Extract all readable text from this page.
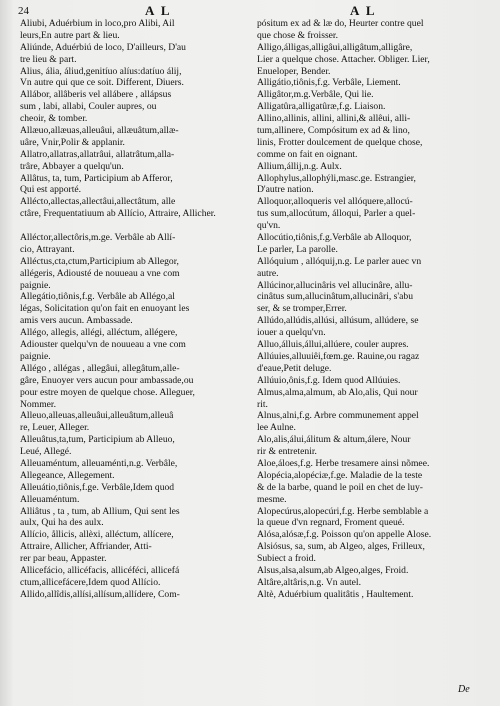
24	A L	A L
Aliubi, Aduérbium in loco,pro Alibi, Ail
leurs,En autre part & lieu.
Aliúnde, Aduérbiú de loco, D'ailleurs, D'au
tre lieu & part.
Alius, ália, áliud,genitíuo alíus:datíuo álij,
Vn autre qui que ce soit. Different, Diuers.
Allábor, allâberis vel allábere , allápsus
sum , labi, allabi, Couler aupres, ou
cheoir, & tomber.
Allæuo,allæuas,alleuâui, allæuâtum,allæ-
uâre, Vnir,Polir & applanir.
Allatro,allatras,allatrâui, allatrâtum,alla-
trâre, Abbayer a quelqu'un.
Allâtus, ta, tum, Participium ab Afferor,
Qui est apporté.
Allécto,allectas,allectâui,allectâtum, alle
ctâre, Frequentatiuum ab Allício, Attraire, Allicher.
Alléctor,allectôris,m.ge. Verbâle ab Allí-
cio, Attrayant.
Alléctus,cta,ctum,Participium ab Allegor,
allégeris, Adiousté de nouueau a vne com
paignie.
Allegátio,tiônis,f.g. Verbâle ab Allégo,al
légas, Solicitation qu'on fait en enuoyant les
amis vers aucun. Ambassade.
Allégo, allegis, allégi, alléctum, allégere,
Adiouster quelqu'vn de nouueau a vne com
paignie.
Allégo , allégas , allegâui, allegâtum,alle-
gâre, Enuoyer vers aucun pour ambassade,ou
pour estre moyen de quelque chose. Alleguer,
Nommer.
Alleuo,alleuas,alleuâui,alleuâtum,alleuâ
re, Leuer, Alleger.
Alleuâtus,ta,tum, Participium ab Alleuo,
Leué, Allegé.
Alleuaméntum, alleuaménti,n.g. Verbâle,
Allegeance, Allegement.
Alleuátio,tiônis,f.ge. Verbâle,Idem quod
Alleuaméntum.
Alliâtus , ta , tum, ab Allium, Qui sent les
aulx, Qui ha des aulx.
Allício, ållicis, allèxi, alléctum, allícere,
Attraire, Allicher, Affriander, Atti-
rer par beau, Appaster.
Allicefácio, allicéfacis, allicéféci, allicefá
ctum,allicefácere,Idem quod Allício.
Allido,allîdis,allísi,allísum,allídere, Com-
pósitum ex ad & læ do, Heurter contre quel
que chose & froisser.
Alligo,álligas,alligâui,alligâtum,alligâre,
Lier a quelque chose. Attacher. Obliger. Lier,
Enueloper, Bender.
Alligátio,tiônis,f.g. Verbâle, Liement.
Alligâtor,m.g.Verbâle, Qui lie.
Alligatûra,alligatûræ,f.g. Liaison.
Allino,allinis, allini, allini,& allêui, alli-
tum,allinere, Compósitum ex ad & lino,
linis, Frotter doulcement de quelque chose,
comme on fait en oignant.
Allium,állij,n.g. Aulx.
Allophylus,allophýli,masc.ge. Estrangier,
D'autre nation.
Alloquor,alloqueris vel allóquere,allocú-
tus sum,allocútum, álloqui, Parler a quel-
qu'vn.
Allocútio,tiônis,f.g.Verbâle ab Alloquor,
Le parler, La parolle.
Allóquium , allóquij,n.g. Le parler auec vn
autre.
Allúcinor,allucinâris vel allucinâre, allu-
cinâtus sum,allucinâtum,allucinâri, s'abu
ser, & se tromper,Errer.
Allúdo,allúdis,allúsi, allúsum, allúdere, se
iouer a quelqu'vn.
Alluo,álluis,állui,allúere, couler aupres.
Allúuies,alluuiêi,fœm.ge. Rauine,ou ragaz
d'eaue,Petit deluge.
Allúuio,ônis,f.g. Idem quod Allúuies.
Almus,alma,almum, ab Alo,alis, Qui nour
rit.
Alnus,alni,f.g. Arbre communement appel
lee Aulne.
Alo,alis,álui,álitum & altum,álere, Nour
rir & entretenir.
Aloe,áloes,f.g. Herbe tresamere ainsi nõmee.
Alopécia,alopéciæ,f.ge. Maladie de la teste
& de la barbe, quand le poil en chet de luy-
mesme.
Alopecúrus,alopecúri,f.g. Herbe semblable a
la queue d'vn regnard, Froment queué.
Alósa,alósæ,f.g. Poisson qu'on appelle Alose.
Alsiósus, sa, sum, ab Algeo, alges, Frilleux,
Subiect a froid.
Alsus,alsa,alsum,ab Algeo,alges, Froid.
Altâre,altâris,n.g. Vn autel.
Altè, Aduérbium qualitâtis , Haultement.
De
